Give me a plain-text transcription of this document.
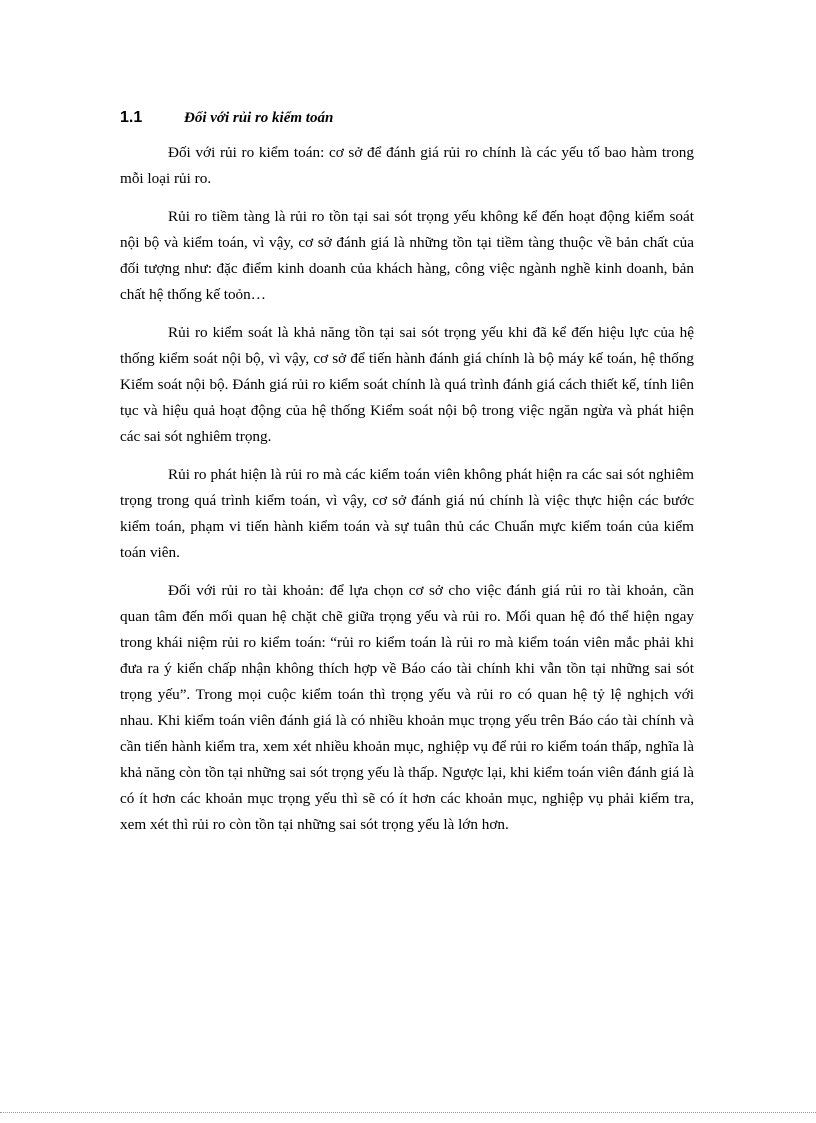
1.1	Đối với rủi ro kiểm toán

Đối với rủi ro kiểm toán: cơ sở để đánh giá rủi ro chính là các yếu tố bao hàm trong mỗi loại rủi ro.

Rủi ro tiềm tàng là rủi ro tồn tại sai sót trọng yếu không kể đến hoạt động kiểm soát nội bộ và kiểm toán, vì vậy, cơ sở đánh giá là những tồn tại tiềm tàng thuộc về bản chất của đối tượng như: đặc điểm kinh doanh của khách hàng, công việc ngành nghề kinh doanh, bản chất hệ thống kế toỏn…

Rủi ro kiểm soát là khả năng tồn tại sai sót trọng yếu khi đã kể đến hiệu lực của hệ thống kiểm soát nội bộ, vì vậy, cơ sở để tiến hành đánh giá chính là bộ máy kế toán, hệ thống Kiểm soát nội bộ. Đánh giá rủi ro kiểm soát chính là quá trình đánh giá cách thiết kế, tính liên tục và hiệu quả hoạt động của hệ thống Kiểm soát nội bộ trong việc ngăn ngừa và phát hiện các sai sót nghiêm trọng.

Rủi ro phát hiện là rủi ro mà các kiểm toán viên không phát hiện ra các sai sót nghiêm trọng trong quá trình kiểm toán, vì vậy, cơ sở đánh giá nú chính là việc thực hiện các bước kiểm toán, phạm vi tiến hành kiểm toán và sự tuân thủ các Chuẩn mực kiểm toán của kiểm toán viên.

Đối với rủi ro tài khoản: để lựa chọn cơ sở cho việc đánh giá rủi ro tài khoản, cần quan tâm đến mối quan hệ chặt chẽ giữa trọng yếu và rủi ro. Mối quan hệ đó thể hiện ngay trong khái niệm rủi ro kiểm toán: “rủi ro kiểm toán là rủi ro mà kiểm toán viên mắc phải khi đưa ra ý kiến chấp nhận không thích hợp về Báo cáo tài chính khi vẫn tồn tại những sai sót trọng yếu”. Trong mọi cuộc kiểm toán thì trọng yếu và rủi ro có quan hệ tỷ lệ nghịch với nhau. Khi kiểm toán viên đánh giá là có nhiều khoản mục trọng yếu trên Báo cáo tài chính và cần tiến hành kiểm tra, xem xét nhiều khoản mục, nghiệp vụ để rủi ro kiểm toán thấp, nghĩa là khả năng còn tồn tại những sai sót trọng yếu là thấp. Ngược lại, khi kiểm toán viên đánh giá là có ít hơn các khoản mục trọng yếu thì sẽ có ít hơn các khoản mục, nghiệp vụ phải kiểm tra, xem xét thì rủi ro còn tồn tại những sai sót trọng yếu là lớn hơn.
